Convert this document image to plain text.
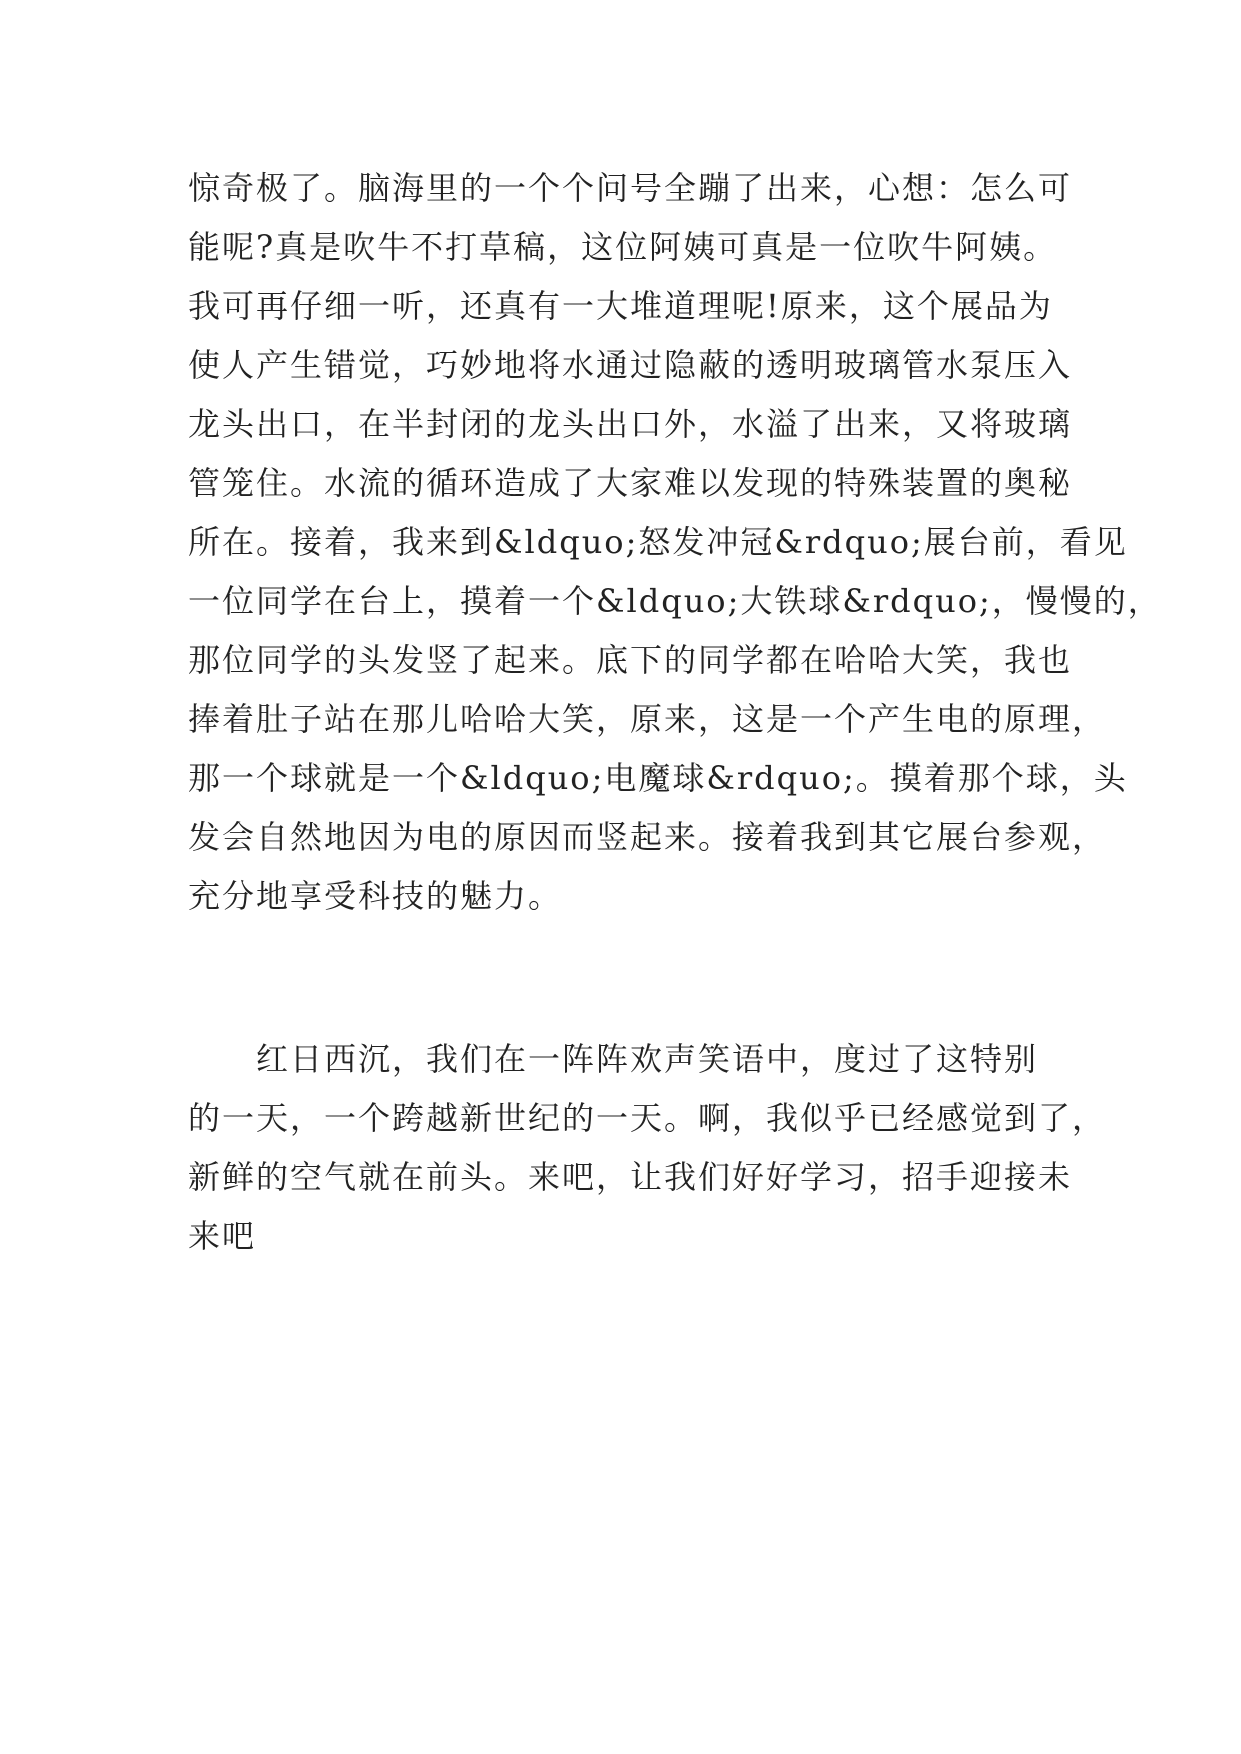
惊奇极了。脑海里的一个个问号全蹦了出来，心想：怎么可
能呢?真是吹牛不打草稿，这位阿姨可真是一位吹牛阿姨。
我可再仔细一听，还真有一大堆道理呢!原来，这个展品为
使人产生错觉，巧妙地将水通过隐蔽的透明玻璃管水泵压入
龙头出口，在半封闭的龙头出口外，水溢了出来，又将玻璃
管笼住。水流的循环造成了大家难以发现的特殊装置的奥秘
所在。接着，我来到&ldquo;怒发冲冠&rdquo;展台前，看见
一位同学在台上，摸着一个&ldquo;大铁球&rdquo;，慢慢的，
那位同学的头发竖了起来。底下的同学都在哈哈大笑，我也
捧着肚子站在那儿哈哈大笑，原来，这是一个产生电的原理，
那一个球就是一个&ldquo;电魔球&rdquo;。摸着那个球，头
发会自然地因为电的原因而竖起来。接着我到其它展台参观，
充分地享受科技的魅力。
　　红日西沉，我们在一阵阵欢声笑语中，度过了这特别
的一天，一个跨越新世纪的一天。啊，我似乎已经感觉到了，
新鲜的空气就在前头。来吧，让我们好好学习，招手迎接未
来吧
